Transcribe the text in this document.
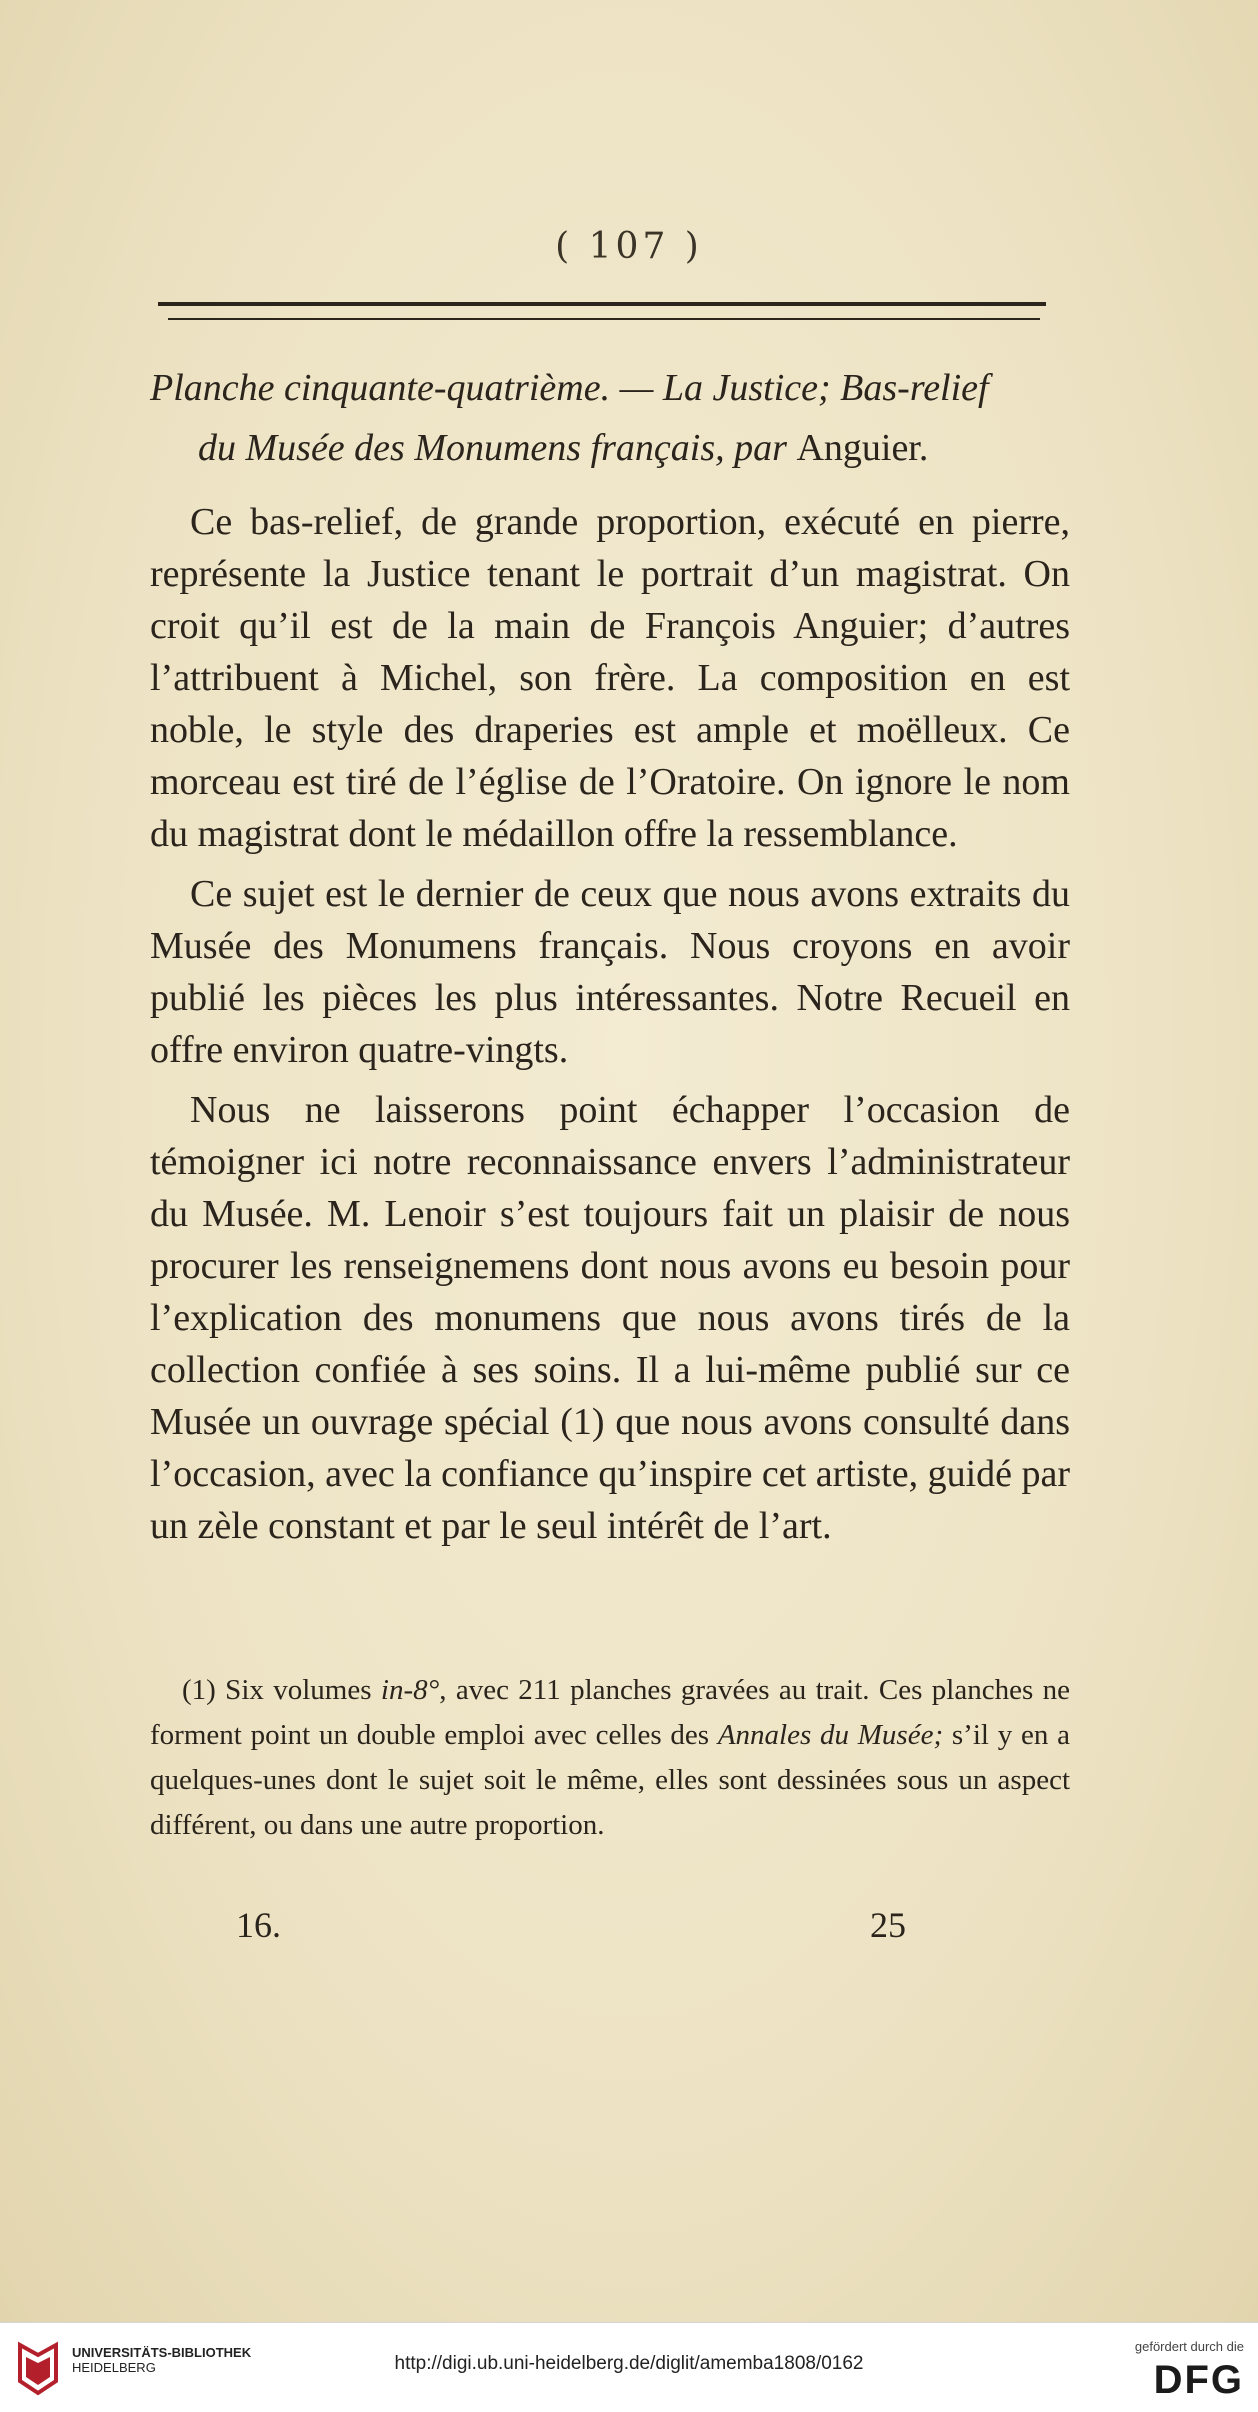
( 107 )
Planche cinquante-quatrième. — La Justice; Bas-relief
du Musée des Monumens français, par Anguier.

Ce bas-relief, de grande proportion, exécuté en pierre, représente la Justice tenant le portrait d’un magistrat. On croit qu’il est de la main de François Anguier; d’autres l’attribuent à Michel, son frère. La composition en est noble, le style des draperies est ample et moëlleux. Ce morceau est tiré de l’église de l’Oratoire. On ignore le nom du magistrat dont le médaillon offre la ressemblance.

Ce sujet est le dernier de ceux que nous avons extraits du Musée des Monumens français. Nous croyons en avoir publié les pièces les plus intéressantes. Notre Recueil en offre environ quatre-vingts.

Nous ne laisserons point échapper l’occasion de témoigner ici notre reconnaissance envers l’administrateur du Musée. M. Lenoir s’est toujours fait un plaisir de nous procurer les renseignemens dont nous avons eu besoin pour l’explication des monumens que nous avons tirés de la collection confiée à ses soins. Il a lui-même publié sur ce Musée un ouvrage spécial (1) que nous avons consulté dans l’occasion, avec la confiance qu’inspire cet artiste, guidé par un zèle constant et par le seul intérêt de l’art.

(1) Six volumes in-8°, avec 211 planches gravées au trait. Ces planches ne forment point un double emploi avec celles des Annales du Musée; s’il y en a quelques-unes dont le sujet soit le même, elles sont dessinées sous un aspect différent, ou dans une autre proportion.
16.	25
UNIVERSITÄTS-BIBLIOTHEK
HEIDELBERG	http://digi.ub.uni-heidelberg.de/diglit/amemba1808/0162
gefördert durch die
DFG
